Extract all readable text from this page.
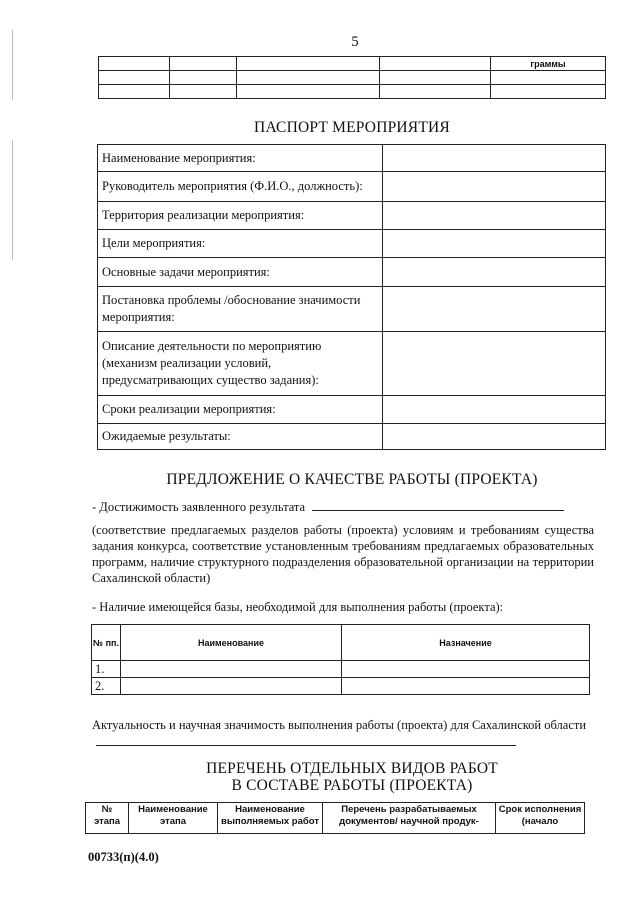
5
				граммы

ПАСПОРТ МЕРОПРИЯТИЯ
Наименование мероприятия:	
Руководитель мероприятия (Ф.И.О., должность):	
Территория реализации мероприятия:	
Цели мероприятия:	
Основные задачи мероприятия:	
Постановка проблемы /обоснование значимости мероприятия:	
Описание деятельности по мероприятию (механизм реализации условий, предусматривающих существо задания):	
Сроки реализации мероприятия:	
Ожидаемые результаты:	
ПРЕДЛОЖЕНИЕ О КАЧЕСТВЕ РАБОТЫ (ПРОЕКТА)
- Достижимость заявленного результата
(соответствие предлагаемых разделов работы (проекта) условиям и требованиям существа задания конкурса, соответствие установленным требованиям предлагаемых образовательных программ, наличие структурного подразделения образовательной организации на территории Сахалинской области)
- Наличие имеющейся базы, необходимой для выполнения работы (проекта):
№ пп.	Наименование	Назначение
1.		
2.		
Актуальность и научная значимость выполнения работы (проекта) для Сахалинской области
ПЕРЕЧЕНЬ ОТДЕЛЬНЫХ ВИДОВ РАБОТ
В СОСТАВЕ РАБОТЫ (ПРОЕКТА)
№ этапа	Наименование этапа	Наименование выполняемых работ	Перечень разрабатываемых документов/ научной продук-	Срок исполнения (начало
00733(п)(4.0)
